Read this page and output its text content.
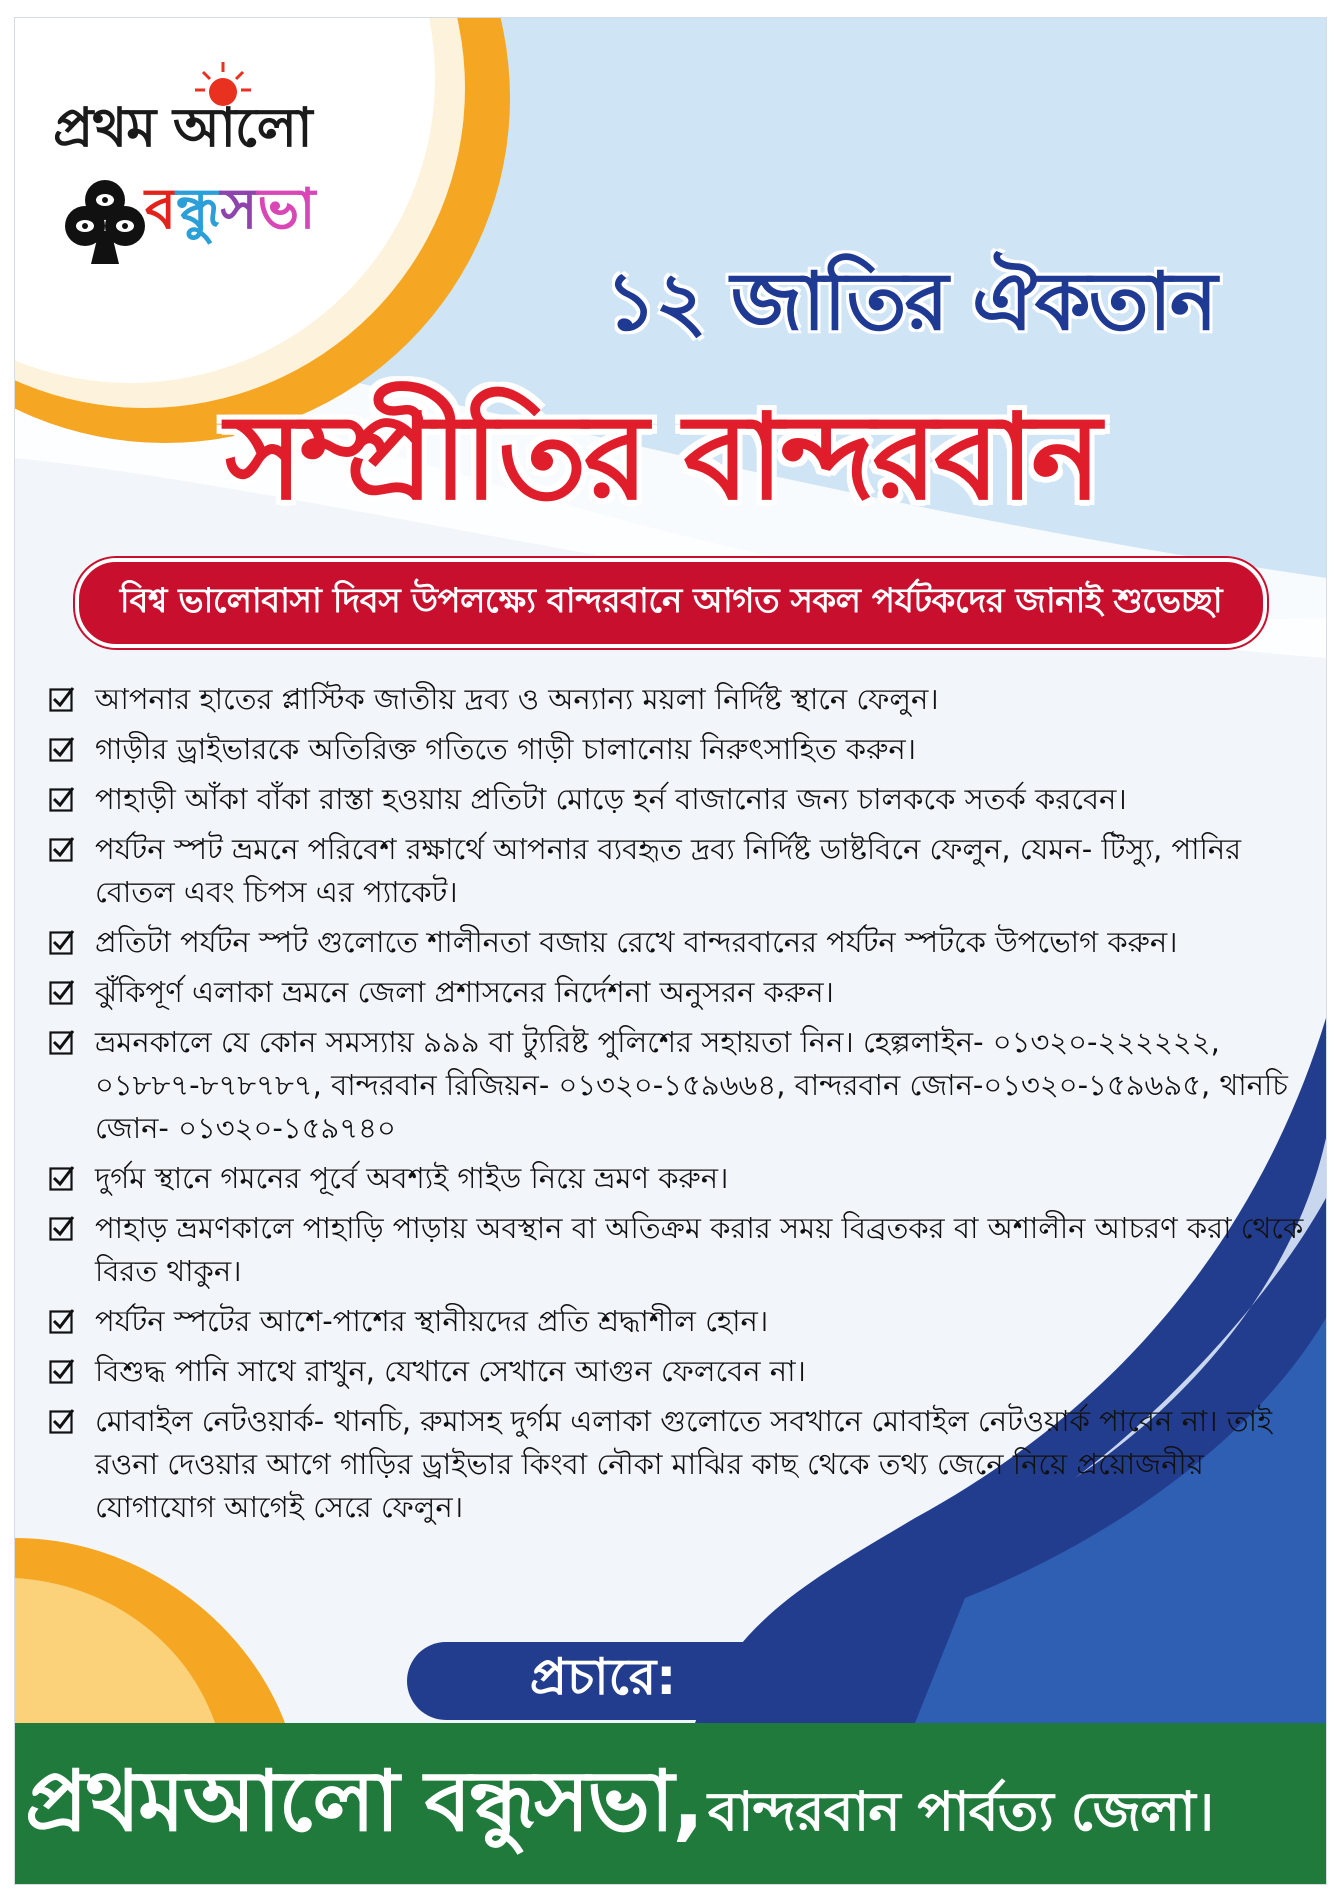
প্রথম আলো
বন্ধুসভা
১২ জাতির ঐকতান
সম্প্রীতির বান্দরবান
বিশ্ব ভালোবাসা দিবস উপলক্ষ্যে বান্দরবানে আগত সকল পর্যটকদের জানাই শুভেচ্ছা
আপনার হাতের প্লাস্টিক জাতীয় দ্রব্য ও অন্যান্য ময়লা নির্দিষ্ট স্থানে ফেলুন।
গাড়ীর ড্রাইভারকে অতিরিক্ত গতিতে গাড়ী চালানোয় নিরুৎসাহিত করুন।
পাহাড়ী আঁকা বাঁকা রাস্তা হওয়ায় প্রতিটা মোড়ে হর্ন বাজানোর জন্য চালককে সতর্ক করবেন।
পর্যটন স্পট ভ্রমনে পরিবেশ রক্ষার্থে আপনার ব্যবহৃত দ্রব্য নির্দিষ্ট ডাষ্টবিনে ফেলুন, যেমন- টিস্যু, পানির বোতল এবং চিপস এর প্যাকেট।
প্রতিটা পর্যটন স্পট গুলোতে শালীনতা বজায় রেখে বান্দরবানের পর্যটন স্পটকে উপভোগ করুন।
ঝুঁকিপূর্ণ এলাকা ভ্রমনে জেলা প্রশাসনের নির্দেশনা অনুসরন করুন।
ভ্রমনকালে যে কোন সমস্যায় ৯৯৯ বা ট্যুরিষ্ট পুলিশের সহায়তা নিন। হেল্পলাইন- ০১৩২০-২২২২২২, ০১৮৮৭-৮৭৮৭৮৭, বান্দরবান রিজিয়ন- ০১৩২০-১৫৯৬৬৪, বান্দরবান জোন-০১৩২০-১৫৯৬৯৫, থানচি জোন- ০১৩২০-১৫৯৭৪০
দুর্গম স্থানে গমনের পূর্বে অবশ্যই গাইড নিয়ে ভ্রমণ করুন।
পাহাড় ভ্রমণকালে পাহাড়ি পাড়ায় অবস্থান বা অতিক্রম করার সময় বিব্রতকর বা অশালীন আচরণ করা থেকে বিরত থাকুন।
পর্যটন স্পটের আশে-পাশের স্থানীয়দের প্রতি শ্রদ্ধাশীল হোন।
বিশুদ্ধ পানি সাথে রাখুন, যেখানে সেখানে আগুন ফেলবেন না।
মোবাইল নেটওয়ার্ক- থানচি, রুমাসহ দুর্গম এলাকা গুলোতে সবখানে মোবাইল নেটওয়ার্ক পাবেন না। তাই রওনা দেওয়ার আগে গাড়ির ড্রাইভার কিংবা নৌকা মাঝির কাছ থেকে তথ্য জেনে নিয়ে প্রয়োজনীয় যোগাযোগ আগেই সেরে ফেলুন।
প্রচারে:
প্রথমআলো বন্ধুসভা, বান্দরবান পার্বত্য জেলা।
